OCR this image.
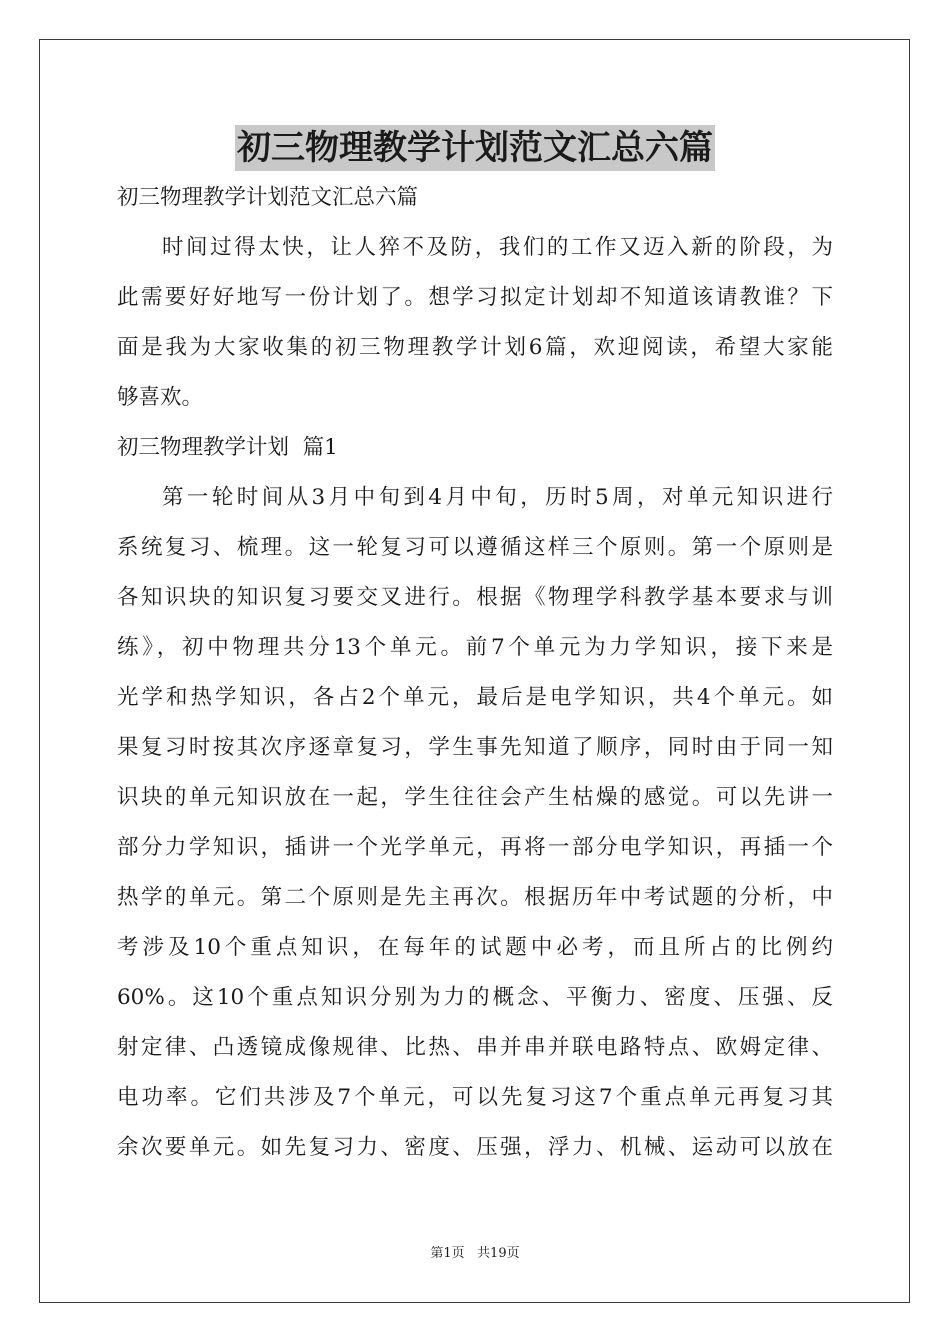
初三物理教学计划范文汇总六篇
初三物理教学计划范文汇总六篇
时间过得太快，让人猝不及防，我们的工作又迈入新的阶段，为
此需要好好地写一份计划了。想学习拟定计划却不知道该请教谁？下
面是我为大家收集的初三物理教学计划6篇，欢迎阅读，希望大家能
够喜欢。
初三物理教学计划  篇1
第一轮时间从3月中旬到4月中旬，历时5周，对单元知识进行
系统复习、梳理。这一轮复习可以遵循这样三个原则。第一个原则是
各知识块的知识复习要交叉进行。根据《物理学科教学基本要求与训
练》，初中物理共分13个单元。前7个单元为力学知识，接下来是
光学和热学知识，各占2个单元，最后是电学知识，共4个单元。如
果复习时按其次序逐章复习，学生事先知道了顺序，同时由于同一知
识块的单元知识放在一起，学生往往会产生枯燥的感觉。可以先讲一
部分力学知识，插讲一个光学单元，再将一部分电学知识，再插一个
热学的单元。第二个原则是先主再次。根据历年中考试题的分析，中
考涉及10个重点知识，在每年的试题中必考，而且所占的比例约
60%。这10个重点知识分别为力的概念、平衡力、密度、压强、反
射定律、凸透镜成像规律、比热、串并串并联电路特点、欧姆定律、
电功率。它们共涉及7个单元，可以先复习这7个重点单元再复习其
余次要单元。如先复习力、密度、压强，浮力、机械、运动可以放在
第1页   共19页
